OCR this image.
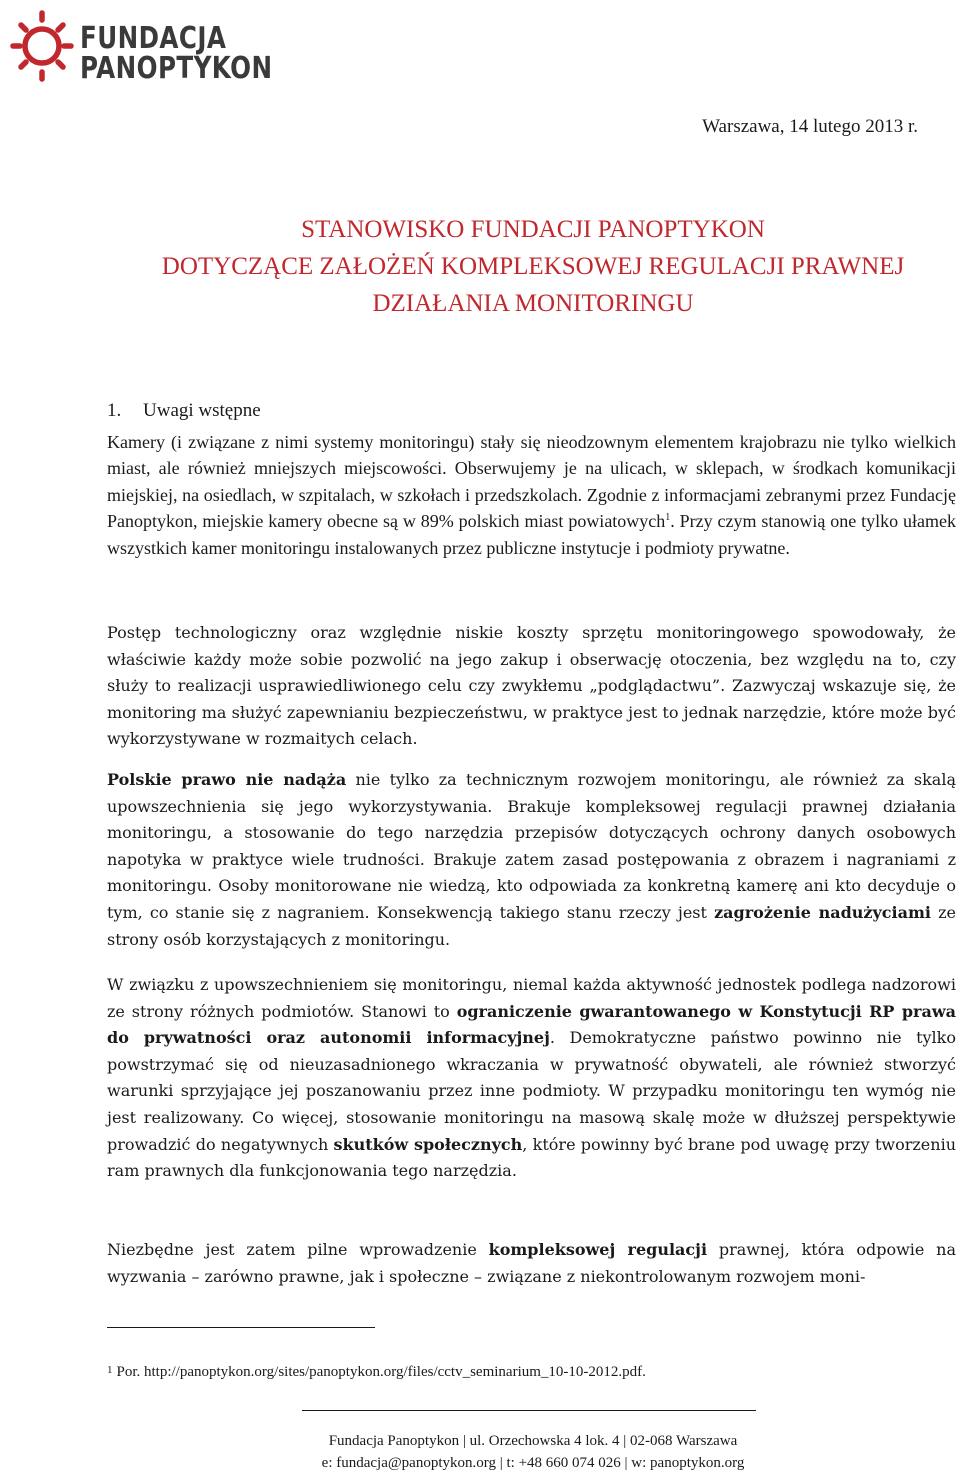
FUNDACJA
PANOPTYKON
Warszawa, 14 lutego 2013 r.
STANOWISKO FUNDACJI PANOPTYKON
DOTYCZĄCE ZAŁOŻEŃ KOMPLEKSOWEJ REGULACJI PRAWNEJ
DZIAŁANIA MONITORINGU
1. Uwagi wstępne
Kamery (i związane z nimi systemy monitoringu) stały się nieodzownym elementem krajobrazu nie tylko wielkich miast, ale również mniejszych miejscowości. Obserwujemy je na ulicach, w sklepach, w środkach komunikacji miejskiej, na osiedlach, w szpitalach, w szkołach i przedszkolach. Zgodnie z informacjami zebranymi przez Fundację Panoptykon, miejskie kamery obecne są w 89% polskich miast powiatowych$^1$. Przy czym stanowią one tylko ułamek wszystkich kamer monitoringu instalowanych przez publiczne instytucje i podmioty prywatne.
Postęp technologiczny oraz względnie niskie koszty sprzętu monitoringowego spowodowały, że właściwie każdy może sobie pozwolić na jego zakup i obserwację otoczenia, bez względu na to, czy służy to realizacji usprawiedliwionego celu czy zwykłemu „podglądactwu”. Zazwyczaj wskazuje się, że monitoring ma służyć zapewnianiu bezpieczeństwu, w praktyce jest to jednak narzędzie, które może być wykorzystywane w rozmaitych celach.
Polskie prawo nie nadąża nie tylko za technicznym rozwojem monitoringu, ale również za skalą upowszechnienia się jego wykorzystywania. Brakuje kompleksowej regulacji prawnej działania monitoringu, a stosowanie do tego narzędzia przepisów dotyczących ochrony danych osobowych napotyka w praktyce wiele trudności. Brakuje zatem zasad postępowania z obrazem i nagraniami z monitoringu. Osoby monitorowane nie wiedzą, kto odpowiada za konkretną kamerę ani kto decyduje o tym, co stanie się z nagraniem. Konsekwencją takiego stanu rzeczy jest zagrożenie nadużyciami ze strony osób korzystających z monitoringu.
W związku z upowszechnieniem się monitoringu, niemal każda aktywność jednostek podlega nadzorowi ze strony różnych podmiotów. Stanowi to ograniczenie gwarantowanego w Konstytucji RP prawa do prywatności oraz autonomii informacyjnej. Demokratyczne państwo powinno nie tylko powstrzymać się od nieuzasadnionego wkraczania w prywatność obywateli, ale również stworzyć warunki sprzyjające jej poszanowaniu przez inne podmioty. W przypadku monitoringu ten wymóg nie jest realizowany. Co więcej, stosowanie monitoringu na masową skalę może w dłuższej perspektywie prowadzić do negatywnych skutków społecznych, które powinny być brane pod uwagę przy tworzeniu ram prawnych dla funkcjonowania tego narzędzia.
Niezbędne jest zatem pilne wprowadzenie kompleksowej regulacji prawnej, która odpowie na wyzwania – zarówno prawne, jak i społeczne – związane z niekontrolowanym rozwojem moni-
$^1$ Por. http://panoptykon.org/sites/panoptykon.org/files/cctv_seminarium_10-10-2012.pdf.
Fundacja Panoptykon | ul. Orzechowska 4 lok. 4 | 02-068 Warszawa
e: fundacja@panoptykon.org | t: +48 660 074 026 | w: panoptykon.org
